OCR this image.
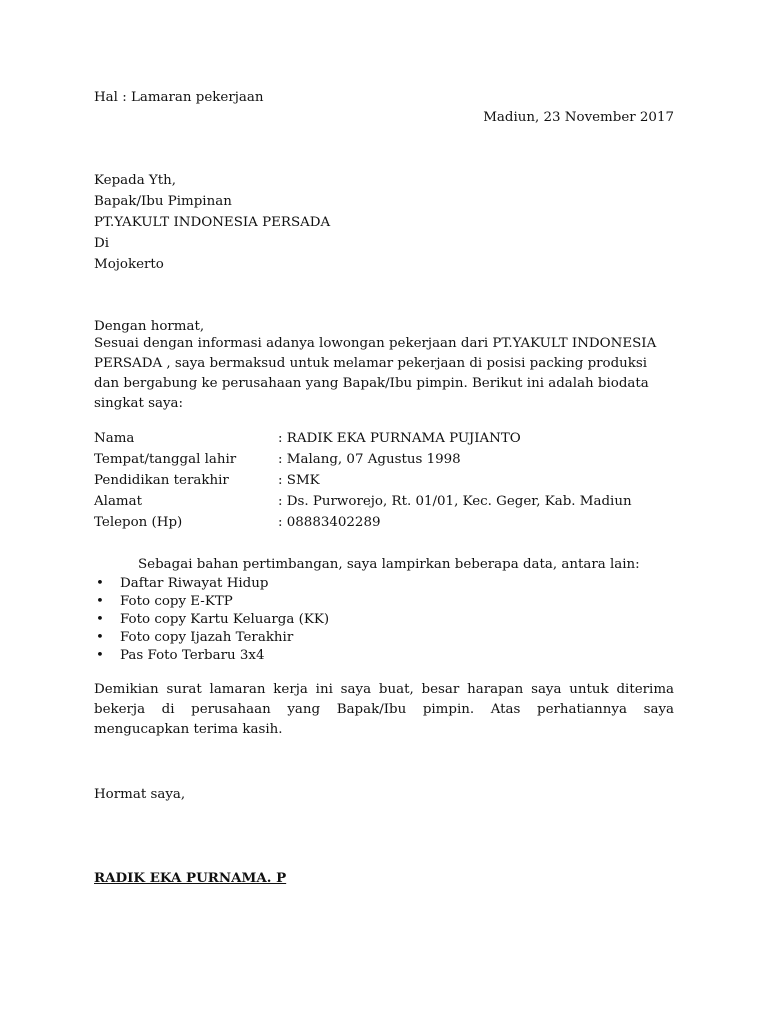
Hal : Lamaran pekerjaan
Madiun, 23 November 2017
Kepada Yth,
Bapak/Ibu Pimpinan
PT.YAKULT INDONESIA PERSADA
Di
Mojokerto
Dengan hormat,
Sesuai dengan informasi adanya lowongan pekerjaan dari PT.YAKULT INDONESIA PERSADA , saya bermaksud untuk melamar pekerjaan di posisi packing produksi dan bergabung ke perusahaan yang Bapak/Ibu pimpin. Berikut ini adalah biodata singkat saya:
Nama	: RADIK EKA PURNAMA PUJIANTO
Tempat/tanggal lahir	: Malang, 07 Agustus 1998
Pendidikan terakhir	: SMK
Alamat	: Ds. Purworejo, Rt. 01/01, Kec. Geger, Kab. Madiun
Telepon (Hp)	: 08883402289
Sebagai bahan pertimbangan, saya lampirkan beberapa data, antara lain:
• Daftar Riwayat Hidup
• Foto copy E-KTP
• Foto copy Kartu Keluarga (KK)
• Foto copy Ijazah Terakhir
• Pas Foto Terbaru 3x4
Demikian surat lamaran kerja ini saya buat, besar harapan saya untuk diterima bekerja di perusahaan yang Bapak/Ibu pimpin. Atas perhatiannya saya mengucapkan terima kasih.
Hormat saya,
RADIK EKA PURNAMA. P
